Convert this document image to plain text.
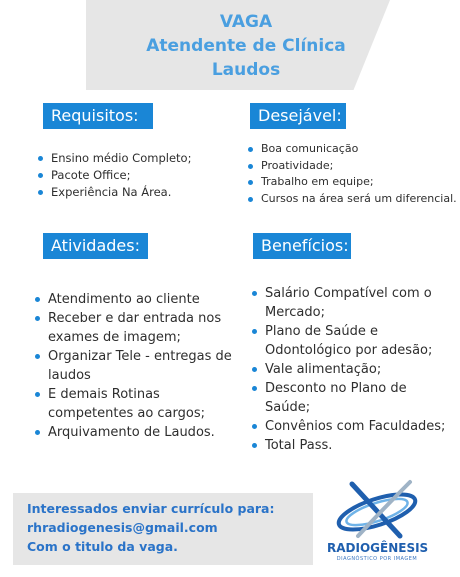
VAGA
Atendente de Clínica
Laudos
Requisitos:
Ensino médio Completo;
Pacote Office;
Experiência Na Área.
Desejável:
Boa comunicação
Proatividade;
Trabalho em equipe;
Cursos na área será um diferencial.
Atividades:
Atendimento ao cliente
Receber e dar entrada nos exames de imagem;
Organizar Tele - entregas de laudos
E demais Rotinas competentes ao cargos;
Arquivamento de Laudos.
Benefícios:
Salário Compatível com o Mercado;
Plano de Saúde e Odontológico por adesão;
Vale alimentação;
Desconto no Plano de Saúde;
Convênios com Faculdades;
Total Pass.
Interessados enviar currículo para:
rhradiogenesis@gmail.com
Com o titulo da vaga.	RADIOGÊNESIS
DIAGNÓSTICO POR IMAGEM
